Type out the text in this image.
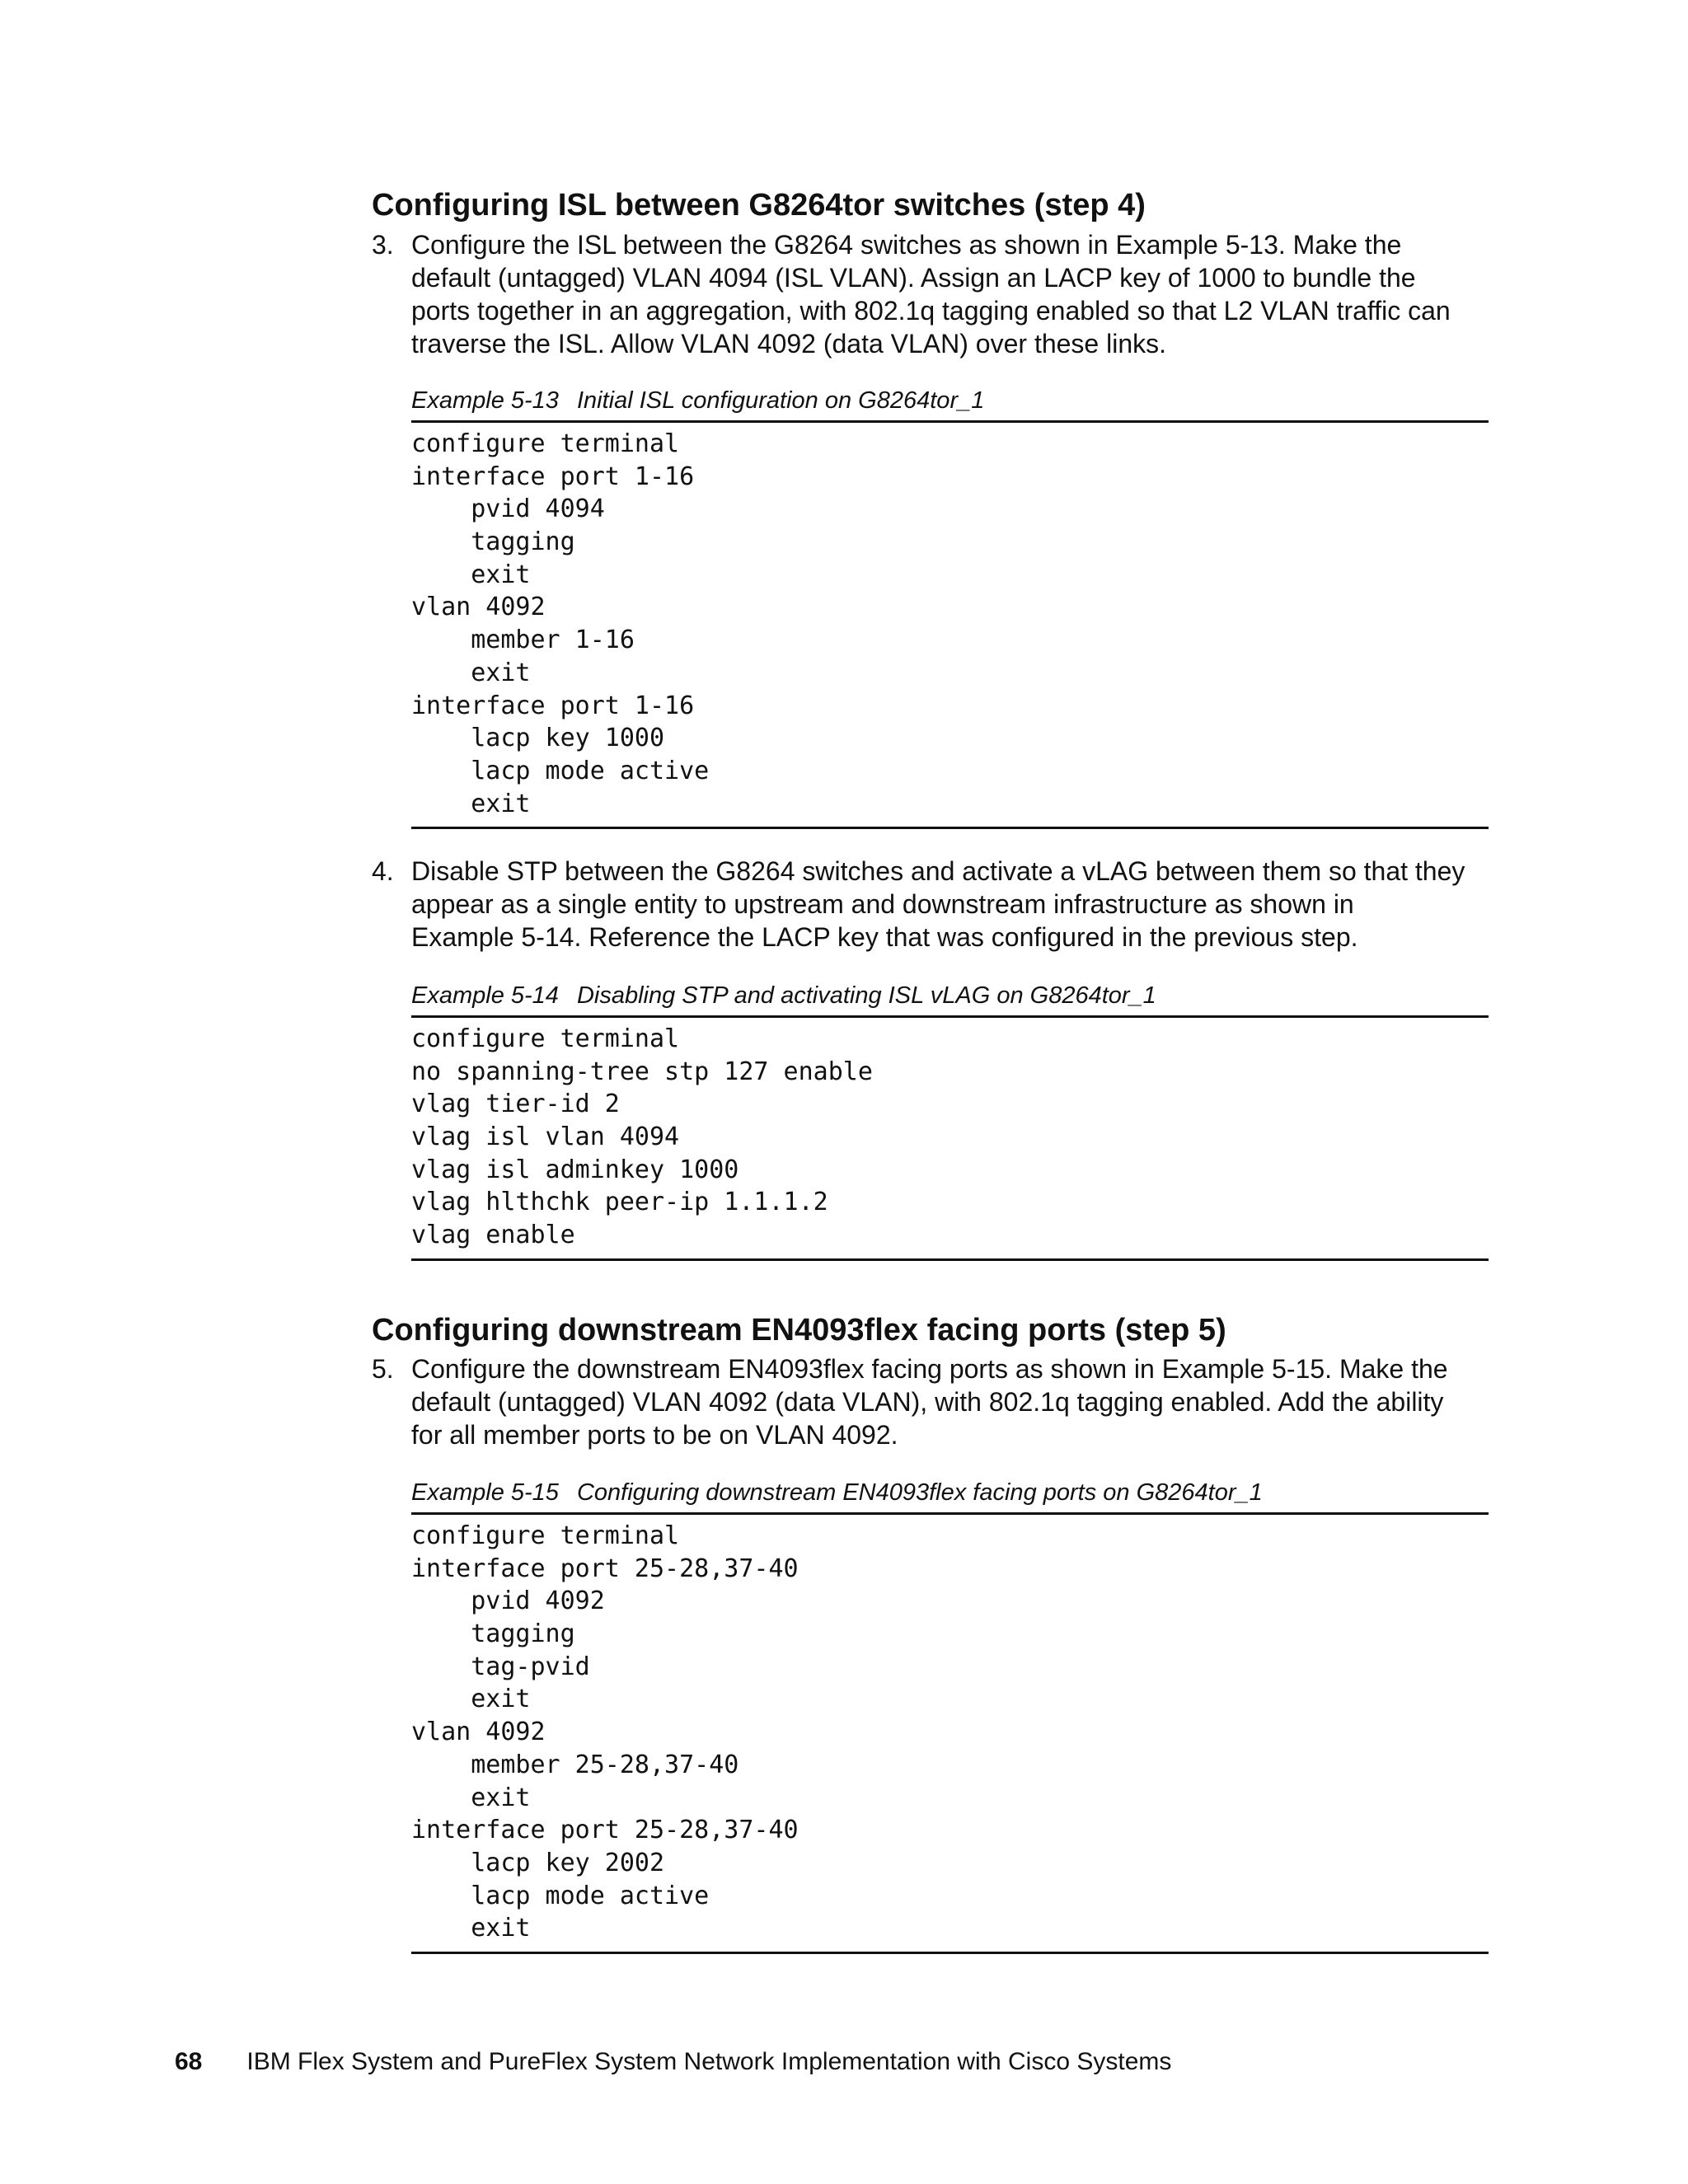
Configuring ISL between G8264tor switches (step 4)
3. Configure the ISL between the G8264 switches as shown in Example 5-13. Make the
default (untagged) VLAN 4094 (ISL VLAN). Assign an LACP key of 1000 to bundle the
ports together in an aggregation, with 802.1q tagging enabled so that L2 VLAN traffic can
traverse the ISL. Allow VLAN 4092 (data VLAN) over these links.
Example 5-13 Initial ISL configuration on G8264tor_1
configure terminal
interface port 1-16
pvid 4094
tagging
exit
vlan 4092
member 1-16
exit
interface port 1-16
lacp key 1000
lacp mode active
exit
4. Disable STP between the G8264 switches and activate a vLAG between them so that they
appear as a single entity to upstream and downstream infrastructure as shown in
Example 5-14. Reference the LACP key that was configured in the previous step.
Example 5-14 Disabling STP and activating ISL vLAG on G8264tor_1
configure terminal
no spanning-tree stp 127 enable
vlag tier-id 2
vlag isl vlan 4094
vlag isl adminkey 1000
vlag hlthchk peer-ip 1.1.1.2
vlag enable
Configuring downstream EN4093flex facing ports (step 5)
5. Configure the downstream EN4093flex facing ports as shown in Example 5-15. Make the
default (untagged) VLAN 4092 (data VLAN), with 802.1q tagging enabled. Add the ability
for all member ports to be on VLAN 4092.
Example 5-15 Configuring downstream EN4093flex facing ports on G8264tor_1
configure terminal
interface port 25-28,37-40
pvid 4092
tagging
tag-pvid
exit
vlan 4092
member 25-28,37-40
exit
interface port 25-28,37-40
lacp key 2002
lacp mode active
exit
68 IBM Flex System and PureFlex System Network Implementation with Cisco Systems
